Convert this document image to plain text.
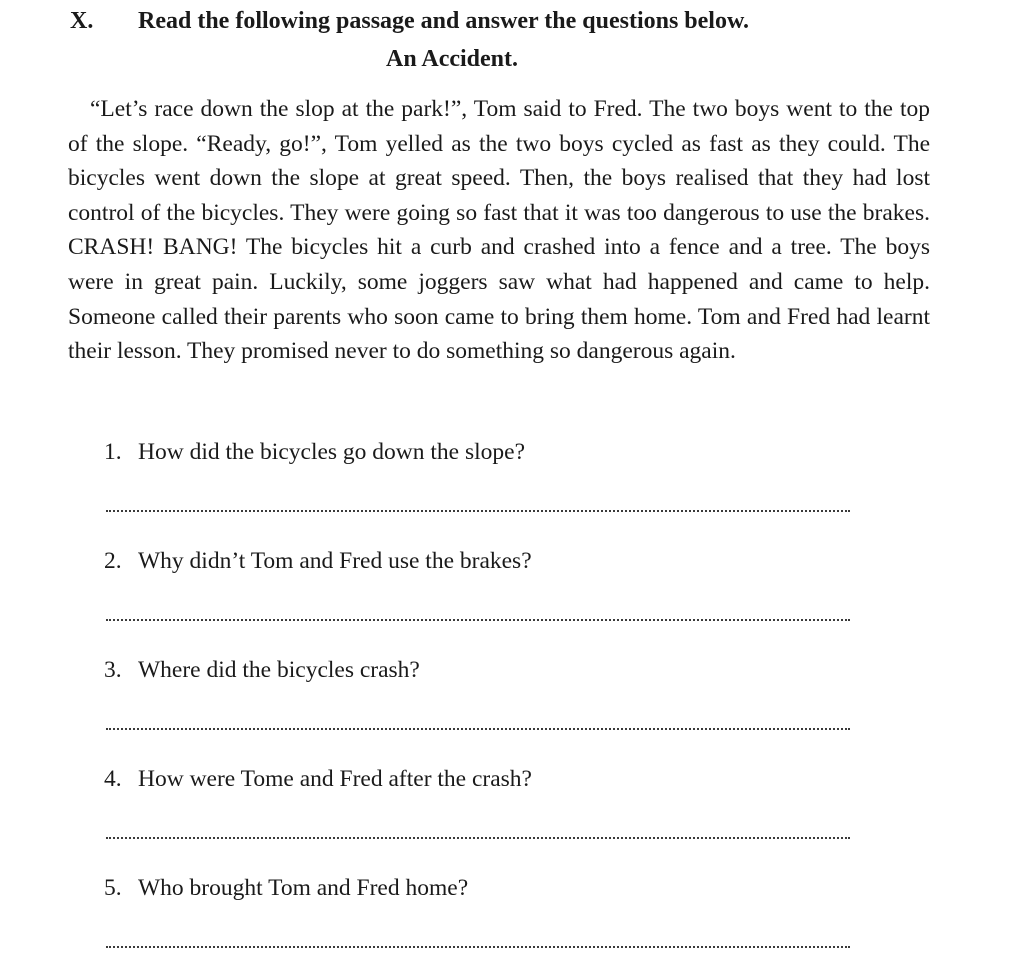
X. Read the following passage and answer the questions below.
An Accident.

“Let’s race down the slop at the park!”, Tom said to Fred. The two boys went to the top of the slope. “Ready, go!”, Tom yelled as the two boys cycled as fast as they could. The bicycles went down the slope at great speed. Then, the boys realised that they had lost control of the bicycles. They were going so fast that it was too dangerous to use the brakes. CRASH! BANG! The bicycles hit a curb and crashed into a fence and a tree. The boys were in great pain. Luckily, some joggers saw what had happened and came to help. Someone called their parents who soon came to bring them home. Tom and Fred had learnt their lesson. They promised never to do something so dangerous again.

1. How did the bicycles go down the slope?
2. Why didn’t Tom and Fred use the brakes?
3. Where did the bicycles crash?
4. How were Tome and Fred after the crash?
5. Who brought Tom and Fred home?
